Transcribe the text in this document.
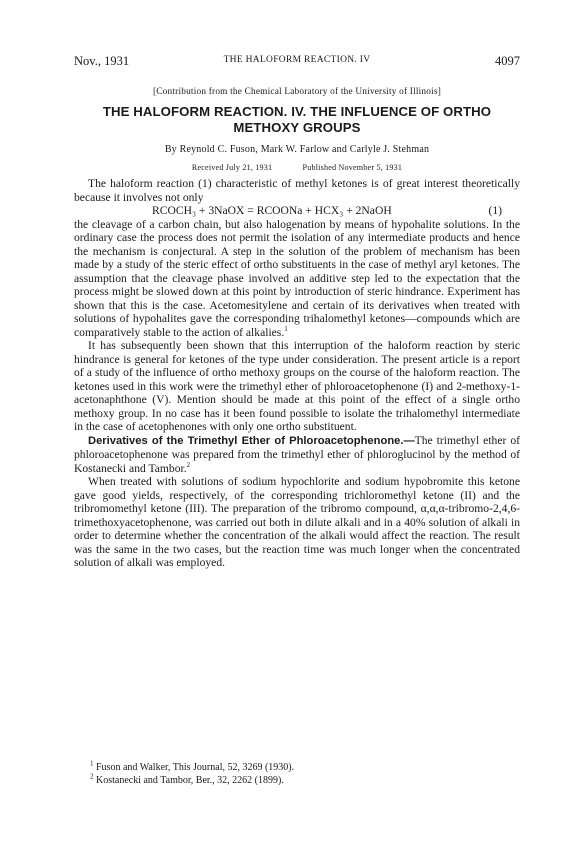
Nov., 1931	THE HALOFORM REACTION. IV	4097
[Contribution from the Chemical Laboratory of the University of Illinois]
THE HALOFORM REACTION. IV. THE INFLUENCE OF ORTHO
METHOXY GROUPS
By Reynold C. Fuson, Mark W. Farlow and Carlyle J. Stehman
Received July 21, 1931	Published November 5, 1931

The haloform reaction (1) characteristic of methyl ketones is of great interest theoretically because it involves not only

RCOCH₃ + 3NaOX = RCOONa + HCX₃ + 2NaOH	(1)

the cleavage of a carbon chain, but also halogenation by means of hypohalite solutions. In the ordinary case the process does not permit the isolation of any intermediate products and hence the mechanism is conjectural. A step in the solution of the problem of mechanism has been made by a study of the steric effect of ortho substituents in the case of methyl aryl ketones. The assumption that the cleavage phase involved an additive step led to the expectation that the process might be slowed down at this point by introduction of steric hindrance. Experiment has shown that this is the case. Acetomesitylene and certain of its derivatives when treated with solutions of hypohalites gave the corresponding trihalomethyl ketones—compounds which are comparatively stable to the action of alkalies.$^1$

It has subsequently been shown that this interruption of the haloform reaction by steric hindrance is general for ketones of the type under consideration. The present article is a report of a study of the influence of ortho methoxy groups on the course of the haloform reaction. The ketones used in this work were the trimethyl ether of phloroacetophenone (I) and 2-methoxy-1-acetonaphthone (V). Mention should be made at this point of the effect of a single ortho methoxy group. In no case has it been found possible to isolate the trihalomethyl intermediate in the case of acetophenones with only one ortho substituent.

Derivatives of the Trimethyl Ether of Phloroacetophenone.—The trimethyl ether of phloroacetophenone was prepared from the trimethyl ether of phloroglucinol by the method of Kostanecki and Tambor.$^2$

When treated with solutions of sodium hypochlorite and sodium hypobromite this ketone gave good yields, respectively, of the corresponding trichloromethyl ketone (II) and the tribromomethyl ketone (III). The preparation of the tribromo compound, α,α,α-tribromo-2,4,6-trimethoxyacetophenone, was carried out both in dilute alkali and in a 40% solution of alkali in order to determine whether the concentration of the alkali would affect the reaction. The result was the same in the two cases, but the reaction time was much longer when the concentrated solution of alkali was employed.

$^1$ Fuson and Walker, This Journal, 52, 3269 (1930).
$^2$ Kostanecki and Tambor, Ber., 32, 2262 (1899).
